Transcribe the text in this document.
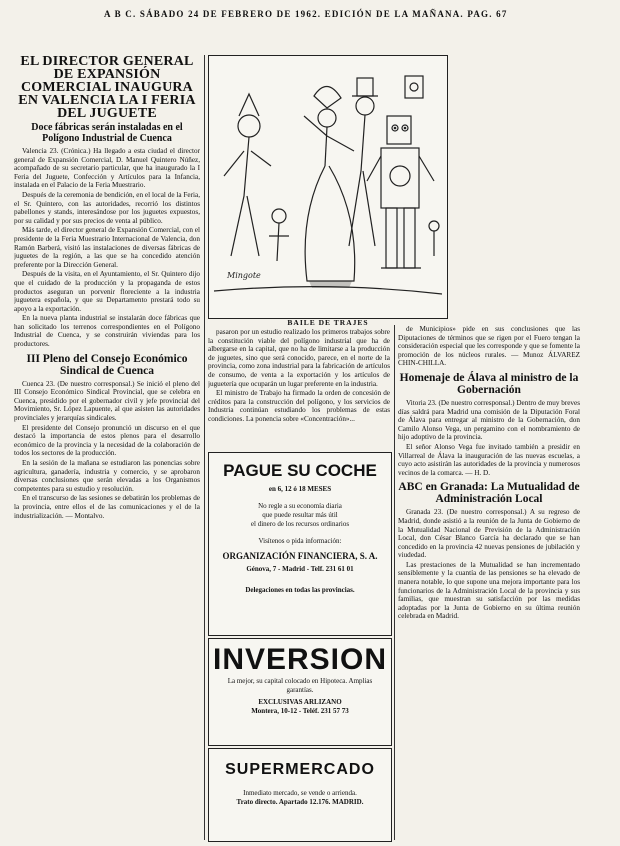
A B C. SÁBADO 24 DE FEBRERO DE 1962. EDICIÓN DE LA MAÑANA. PAG. 67
EL DIRECTOR GENERAL DE EXPANSIÓN COMERCIAL INAUGURA EN VALENCIA LA I FERIA DEL JUGUETE
Doce fábricas serán instaladas en el Polígono Industrial de Cuenca

Valencia 23. (Crónica.) Ha llegado a esta ciudad el director general de Expansión Comercial, D. Manuel Quintero Núñez, acompañado de su secretario particular, que ha inaugurado la I Feria del Juguete, Confección y Artículos para la Infancia, instalada en el Palacio de la Feria Muestrario.

Después de la ceremonia de bendición, en el local de la Feria, el Sr. Quintero, con las autoridades, recorrió los distintos pabellones y stands, interesándose por los juguetes expuestos, por su calidad y por sus precios de venta al público.

Más tarde, el director general de Expansión Comercial, con el presidente de la Feria Muestrario Internacional de Valencia, don Ramón Barberá, visitó las instalaciones de diversas fábricas de juguetes de la región, a las que se ha concedido atención preferente por la Dirección General.

Después de la visita, en el Ayuntamiento, el Sr. Quintero dijo que el cuidado de la producción y la propaganda de estos productos aseguran un porvenir floreciente a la industria juguetera española, y que su Departamento prestará todo su apoyo a la exportación.

En la nueva planta industrial se instalarán doce fábricas que han solicitado los terrenos correspondientes en el Polígono Industrial de Cuenca, y se construirán viviendas para los productores.

III Pleno del Consejo Económico Sindical de Cuenca

Cuenca 23. (De nuestro corresponsal.) Se inició el pleno del III Consejo Económico Sindical Provincial, que se celebra en Cuenca, presidido por el gobernador civil y jefe provincial del Movimiento, Sr. López Lapuente, al que asisten las autoridades provinciales y jerarquías sindicales.

El presidente del Consejo pronunció un discurso en el que destacó la importancia de estos plenos para el desarrollo económico de la provincia y la necesidad de la colaboración de todos los sectores de la producción.

En la sesión de la mañana se estudiaron las ponencias sobre agricultura, ganadería, industria y comercio, y se aprobaron diversas conclusiones que serán elevadas a los Organismos competentes para su estudio y resolución.

En el transcurso de las sesiones se debatirán los problemas de la provincia, entre ellos el de las comunicaciones y el de la industrialización. — Montalvo.

Mingote
BAILE DE TRAJES

pasaron por un estudio realizado los primeros trabajos sobre la constitución viable del polígono industrial que ha de albergarse en la capital, que no ha de limitarse a la producción de juguetes, sino que será conocido, parece, en el norte de la provincia, como zona industrial para la fabricación de artículos de consumo, de venta a la exportación y los artículos de juguetería que ocuparán un lugar preferente en la industria.

El ministro de Trabajo ha firmado la orden de concesión de créditos para la construcción del polígono, y los servicios de Industria continúan estudiando los problemas de estas condiciones. La ponencia sobre «Concentración»...

PAGUE SU COCHE
en 6, 12 ó 18 MESES
No regle a su economía diaria
que puede resultar más útil
el dinero de los recursos ordinarios
Visítenos o pida información:
ORGANIZACIÓN FINANCIERA, S. A.
Génova, 7 - Madrid - Telf. 231 61 01
Delegaciones en todas las provincias.
INVERSION
La mejor, su capital colocado en Hipoteca. Amplias garantías.
EXCLUSIVAS ARLIZANO
Montera, 10-12 - Teléf. 231 57 73
SUPERMERCADO
Inmediato mercado, se vende o arrienda.
Trato directo. Apartado 12.176. MADRID.

de Municipios» pide en sus conclusiones que las Diputaciones de términos que se rigen por el Fuero tengan la consideración especial que les corresponde y que se fomente la promoción de los núcleos rurales. — Munoz ÁLVAREZ CHIN-CHILLA.

Homenaje de Álava al ministro de la Gobernación

Vitoria 23. (De nuestro corresponsal.) Dentro de muy breves días saldrá para Madrid una comisión de la Diputación Foral de Álava para entregar al ministro de la Gobernación, don Camilo Alonso Vega, un pergamino con el nombramiento de hijo adoptivo de la provincia.

El señor Alonso Vega fue invitado también a presidir en Villarreal de Álava la inauguración de las nuevas escuelas, a cuyo acto asistirán las autoridades de la provincia y numerosos vecinos de la comarca. — H. D.

ABC en Granada: La Mutualidad de Administración Local

Granada 23. (De nuestro corresponsal.) A su regreso de Madrid, donde asistió a la reunión de la Junta de Gobierno de la Mutualidad Nacional de Previsión de la Administración Local, don César Blanco García ha declarado que se han concedido en la provincia 42 nuevas pensiones de jubilación y viudedad.

Las prestaciones de la Mutualidad se han incrementado sensiblemente y la cuantía de las pensiones se ha elevado de manera notable, lo que supone una mejora importante para los funcionarios de la Administración Local de la provincia y sus familias, que muestran su satisfacción por las medidas adoptadas por la Junta de Gobierno en su última reunión celebrada en Madrid.
